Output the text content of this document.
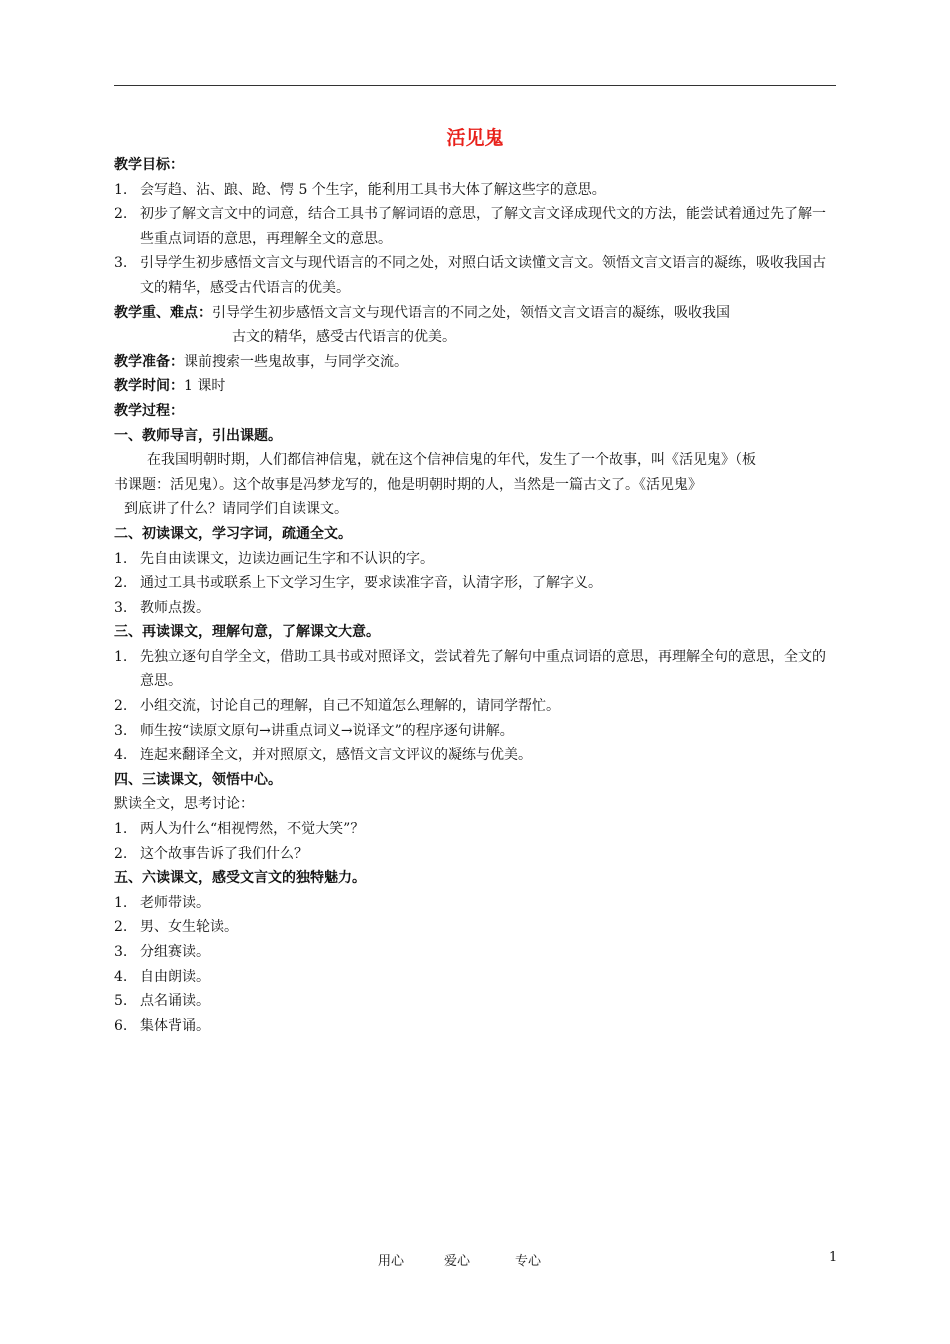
活见鬼
教学目标：
1. 会写趋、沾、踉、跄、愕 5 个生字，能利用工具书大体了解这些字的意思。
2. 初步了解文言文中的词意，结合工具书了解词语的意思，了解文言文译成现代文的方法，能尝试着通过先了解一些重点词语的意思，再理解全文的意思。
3. 引导学生初步感悟文言文与现代语言的不同之处，对照白话文读懂文言文。领悟文言文语言的凝练，吸收我国古文的精华，感受古代语言的优美。
教学重、难点：引导学生初步感悟文言文与现代语言的不同之处，领悟文言文语言的凝练，吸收我国
古文的精华，感受古代语言的优美。
教学准备：课前搜索一些鬼故事，与同学交流。
教学时间：1 课时
教学过程：
一、教师导言，引出课题。
在我国明朝时期，人们都信神信鬼，就在这个信神信鬼的年代，发生了一个故事，叫《活见鬼》（板
书课题：活见鬼）。这个故事是冯梦龙写的，他是明朝时期的人，当然是一篇古文了。《活见鬼》
到底讲了什么？请同学们自读课文。
二、初读课文，学习字词，疏通全文。
1. 先自由读课文，边读边画记生字和不认识的字。
2. 通过工具书或联系上下文学习生字，要求读准字音，认清字形，了解字义。
3. 教师点拨。
三、再读课文，理解句意，了解课文大意。
1. 先独立逐句自学全文，借助工具书或对照译文，尝试着先了解句中重点词语的意思，再理解全句的意思，全文的意思。
2. 小组交流，讨论自己的理解，自己不知道怎么理解的，请同学帮忙。
3. 师生按“读原文原句→讲重点词义→说译文”的程序逐句讲解。
4. 连起来翻译全文，并对照原文，感悟文言文评议的凝练与优美。
四、三读课文，领悟中心。
默读全文，思考讨论：
1. 两人为什么“相视愕然，不觉大笑”？
2. 这个故事告诉了我们什么？
五、六读课文，感受文言文的独特魅力。
1. 老师带读。
2. 男、女生轮读。
3. 分组赛读。
4. 自由朗读。
5. 点名诵读。
6. 集体背诵。
用心	爱心	专心	1
